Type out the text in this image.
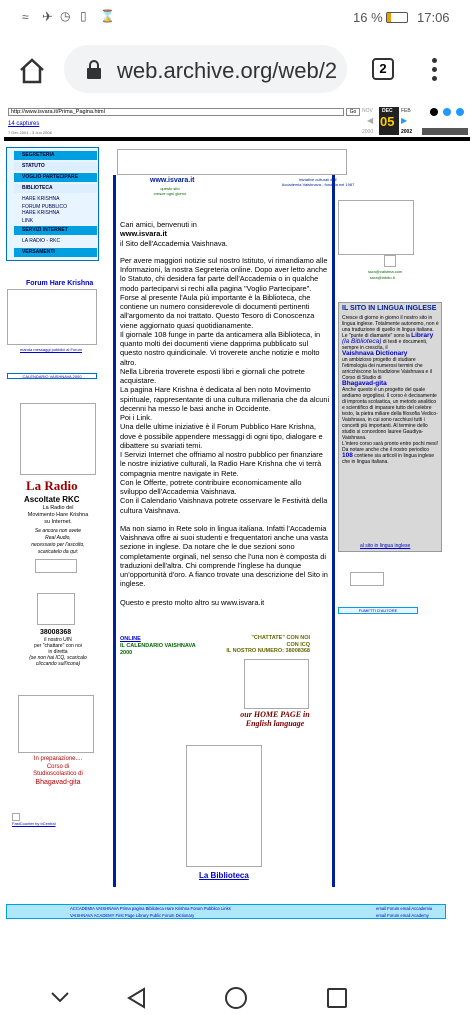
≈ ✈ ◷ ▯ ⌛	16 %	17:06
web.archive.org/web/2	2
http://www.isvara.it/Prima_Pagina.html	Go
14 captures
7 Dec 2001 - 3 Jun 2006
NOV DEC
05
FEB
◀	▶
2000	2002
SEGRETERIA
STATUTO
VOGLIO PARTECIPARE
BIBLIOTECA
HARE KRISHNA
FORUM PUBBLICO
HARE KRISHNA
LINK
SERVIZI INTERNET
LA RADIO - RKC
VERSAMENTI
Forum Hare Krishna
manda messaggi pubblici al Forum
CALENDARIO VAISHNAVA 2000
La Radio
Ascoltate RKC
La Radio del
Movimento Hare Krishna
su Internet.
Se ancora non avete
Real Audio,
necessario per l'ascolto,
scaricatelo da qui:
38008368
il nostro UIN
per "chattare" con noi
in diretta
(se non hai ICQ, scaricalo
cliccando sull'icona)
In preparazione....
Corso di
Studioscolastico di
Bhagavad-gita
FastCounter by bCentral
www.isvara.it
questo sito
cresce ogni giorno
iniziative culturali dell'
Accademia Vaishnava - fondata nel 1987

Cari amici, benvenuti in

www.isvara.it

il Sito dell'Accademia Vaishnava.

Per avere maggiori notizie sul nostro Istituto, vi rimandiamo alle Informazioni, la nostra Segreteria online. Dopo aver letto anche lo Statuto, chi desidera far parte dell'Accademia o in qualche modo parteciparvi si rechi alla pagina "Voglio Partecipare".
Forse al presente l'Aula più importante è la Biblioteca, che contiene un numero considerevole di documenti pertinenti all'argomento da noi trattato. Questo Tesoro di Conoscenza viene aggiornato quasi quotidianamente.
Il giornale 108 funge in parte da anticamera alla Biblioteca, in quanto molti dei documenti viene dapprima pubblicato sul questo nostro quindicinale. Vi troverete anche notizie e molto altro.
Nella Libreria troverete esposti libri e giornali che potrete acquistare.
La pagina Hare Krishna è dedicata al ben noto Movimento spirituale, rappresentante di una cultura millenaria che da alcuni decenni ha messo le basi anche in Occidente.
Poi i Link.
Una delle ultime iniziative è il Forum Pubblico Hare Krishna, dove è possibile appendere messaggi di ogni tipo, dialogare e dibattere su svariati temi.
I Servizi Internet che offriamo al nostro pubblico per finanziare le nostre iniziative culturali, la Radio Hare Krishna che vi terrà compagnia mentre navigate in Rete.
Con le Offerte, potrete contribuire economicamente allo sviluppo dell'Accademia Vaishnava.
Con il Calendario Vaishnava potrete osservare le Festività della cultura Vaishnava.

Ma non siamo in Rete solo in lingua italiana. Infatti l'Accademia Vaishnava offre ai suoi studenti e frequentatori anche una vasta sezione in inglese. Da notare che le due sezioni sono completamente orginali, nel senso che l'una non è composta di traduzioni dell'altra. Chi comprende l'inglese ha dunque un'opportunità d'oro. A fianco trovate una descrizione del Sito in inglese.

Questo e presto molto altro su www.isvara.it

ONLINE
IL CALENDARIO VAISHNAVA
2000
"CHATTATE" CON NOI
CON ICQ
IL NOSTRO NUMERO: 38008368
our HOME PAGE in
English language
La Biblioteca
sura@vaishna.com
sura@infoto.it
IL SITO IN LINGUA INGLESE
Cresce di giorno in giorno il nostro sito in lingua inglese. Totalmente autonomo, non è una traduzione di quello in lingua italiana. Le "punte di diamante" sono la Library (la Biblioteca) di testi e documenti, sempre in crescita, il
Vaishnava Dictionary
un ambizioso progetto di studiare l'etimologia dei numerosi termini che arricchiscono la tradizione Vaishnava e il Corso di Studio di
Bhagavad-gita
Anche questo è un progetto del quale andiamo orgogliosi. Il corso è decisamente di impronta scolastica, un metodo analitico e scientifico di imparare tutto del celebre testo, la pietra miliare della filosofia Vedico-Vaishnava, in cui sono racchiusi tutti i concetti più importanti. Al termine dello studio si concedono lauree Gaudiya-Vaishnava.
L'intero corso sarà pronto entro pochi mesi!
Da notare anche che il nostro periodico 108 contiene sia articoli in lingua inglese che in lingua italiana.
al sito in lingua inglese
FUMETTI D'AUTORE
ACCADEMIA VAISHNAVA Prima pagina Biblioteca Hare Krishna Forum Pubblico Links
VAISHNAVA ACADEMY First Page Library Public Forum Dictionary
email Forum email Accademia
email Forum email Academy
